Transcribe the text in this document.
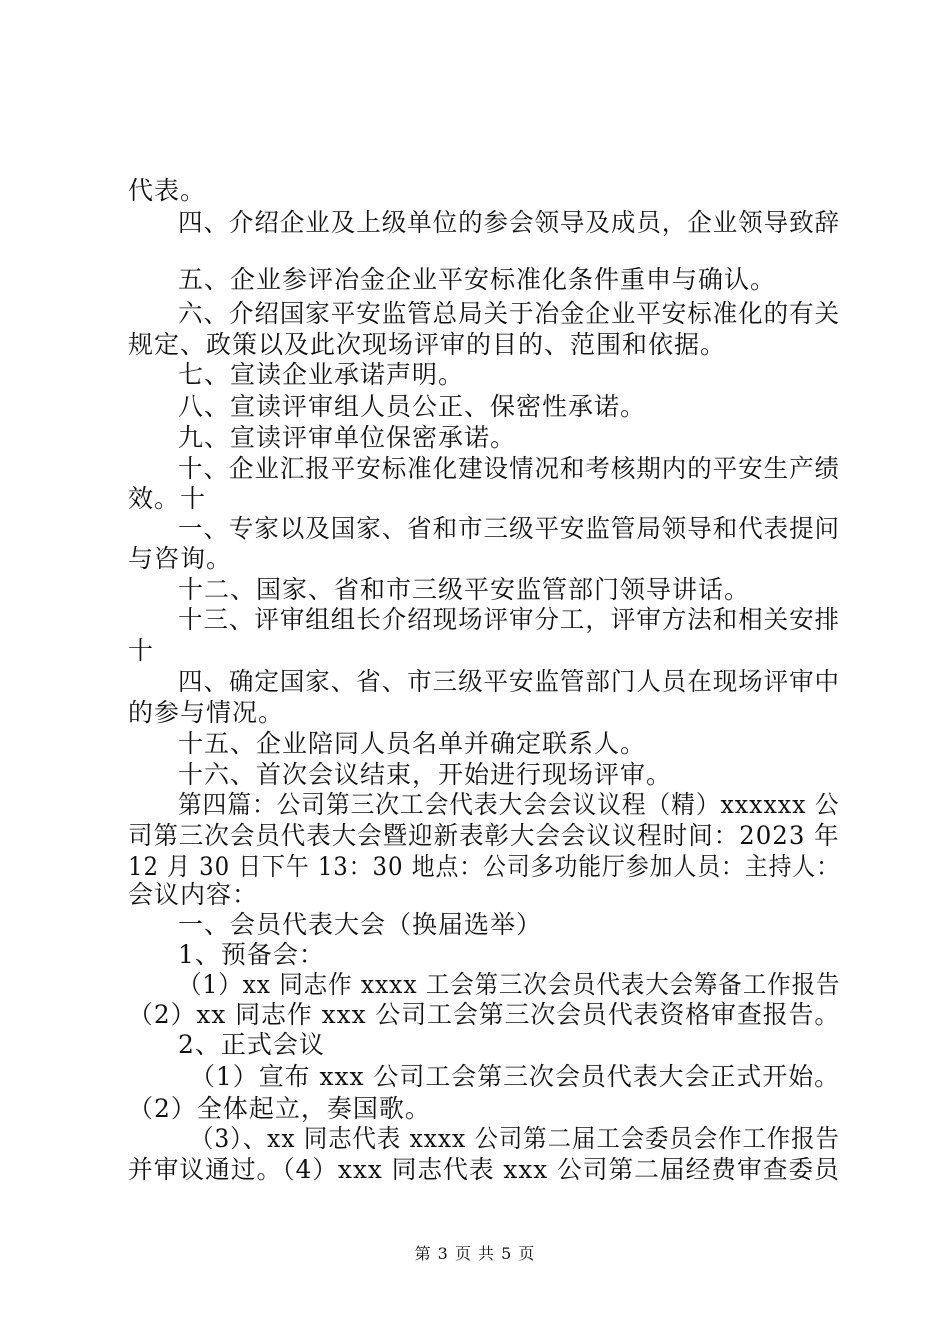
代表。
四、介绍企业及上级单位的参会领导及成员，企业领导致辞
五、企业参评冶金企业平安标准化条件重申与确认。
六、介绍国家平安监管总局关于冶金企业平安标准化的有关
规定、政策以及此次现场评审的目的、范围和依据。
七、宣读企业承诺声明。
八、宣读评审组人员公正、保密性承诺。
九、宣读评审单位保密承诺。
十、企业汇报平安标准化建设情况和考核期内的平安生产绩
效。十
一、专家以及国家、省和市三级平安监管局领导和代表提问
与咨询。
十二、国家、省和市三级平安监管部门领导讲话。
十三、评审组组长介绍现场评审分工，评审方法和相关安排
十
四、确定国家、省、市三级平安监管部门人员在现场评审中
的参与情况。
十五、企业陪同人员名单并确定联系人。
十六、首次会议结束，开始进行现场评审。
第四篇：公司第三次工会代表大会会议议程（精）xxxxxx 公
司第三次会员代表大会暨迎新表彰大会会议议程时间：2023 年
12 月 30 日下午 13：30 地点：公司多功能厅参加人员：主持人：
会议内容：
一、会员代表大会（换届选举）
1、预备会：
（1）xx 同志作 xxxx 工会第三次会员代表大会筹备工作报告
（2）xx 同志作 xxx 公司工会第三次会员代表资格审查报告。
2、正式会议
（1）宣布 xxx 公司工会第三次会员代表大会正式开始。
（2）全体起立，奏国歌。
（3）、xx 同志代表 xxxx 公司第二届工会委员会作工作报告
并审议通过。（4）xxx 同志代表 xxx 公司第二届经费审查委员
第 3 页 共 5 页
